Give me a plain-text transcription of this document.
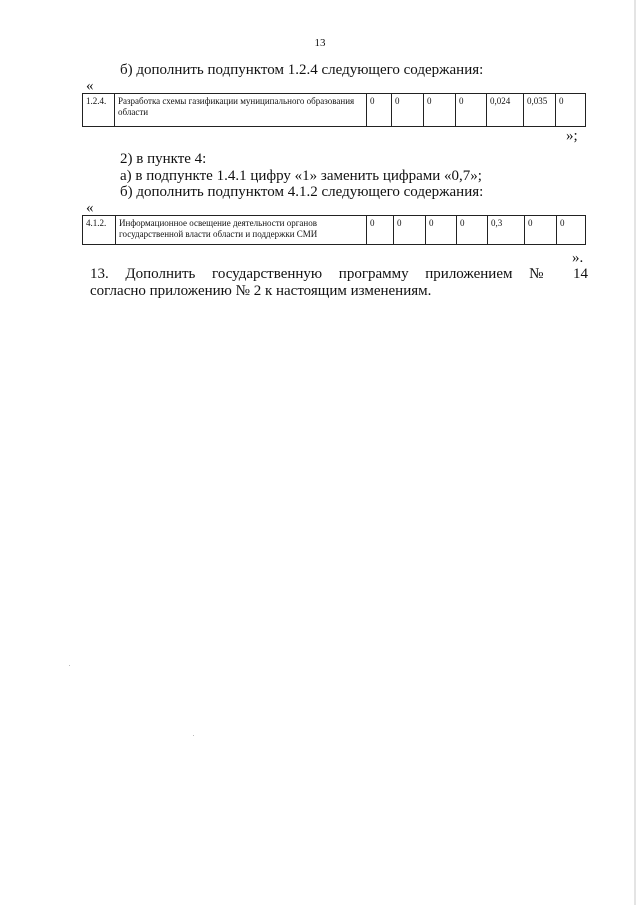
13
б) дополнить подпунктом 1.2.4 следующего содержания:
«
1.2.4.	Разработка схемы газификации муниципального образования области	0	0	0	0	0,024	0,035	0
»;
2) в пункте 4:
а) в подпункте 1.4.1 цифру «1» заменить цифрами «0,7»;
б) дополнить подпунктом 4.1.2 следующего содержания:
«
4.1.2.	Информационное освещение деятельности органов государственной власти области и поддержки СМИ	0	0	0	0	0,3	0	0
».
13. Дополнить государственную программу приложением № 14
согласно приложению № 2 к настоящим изменениям.
